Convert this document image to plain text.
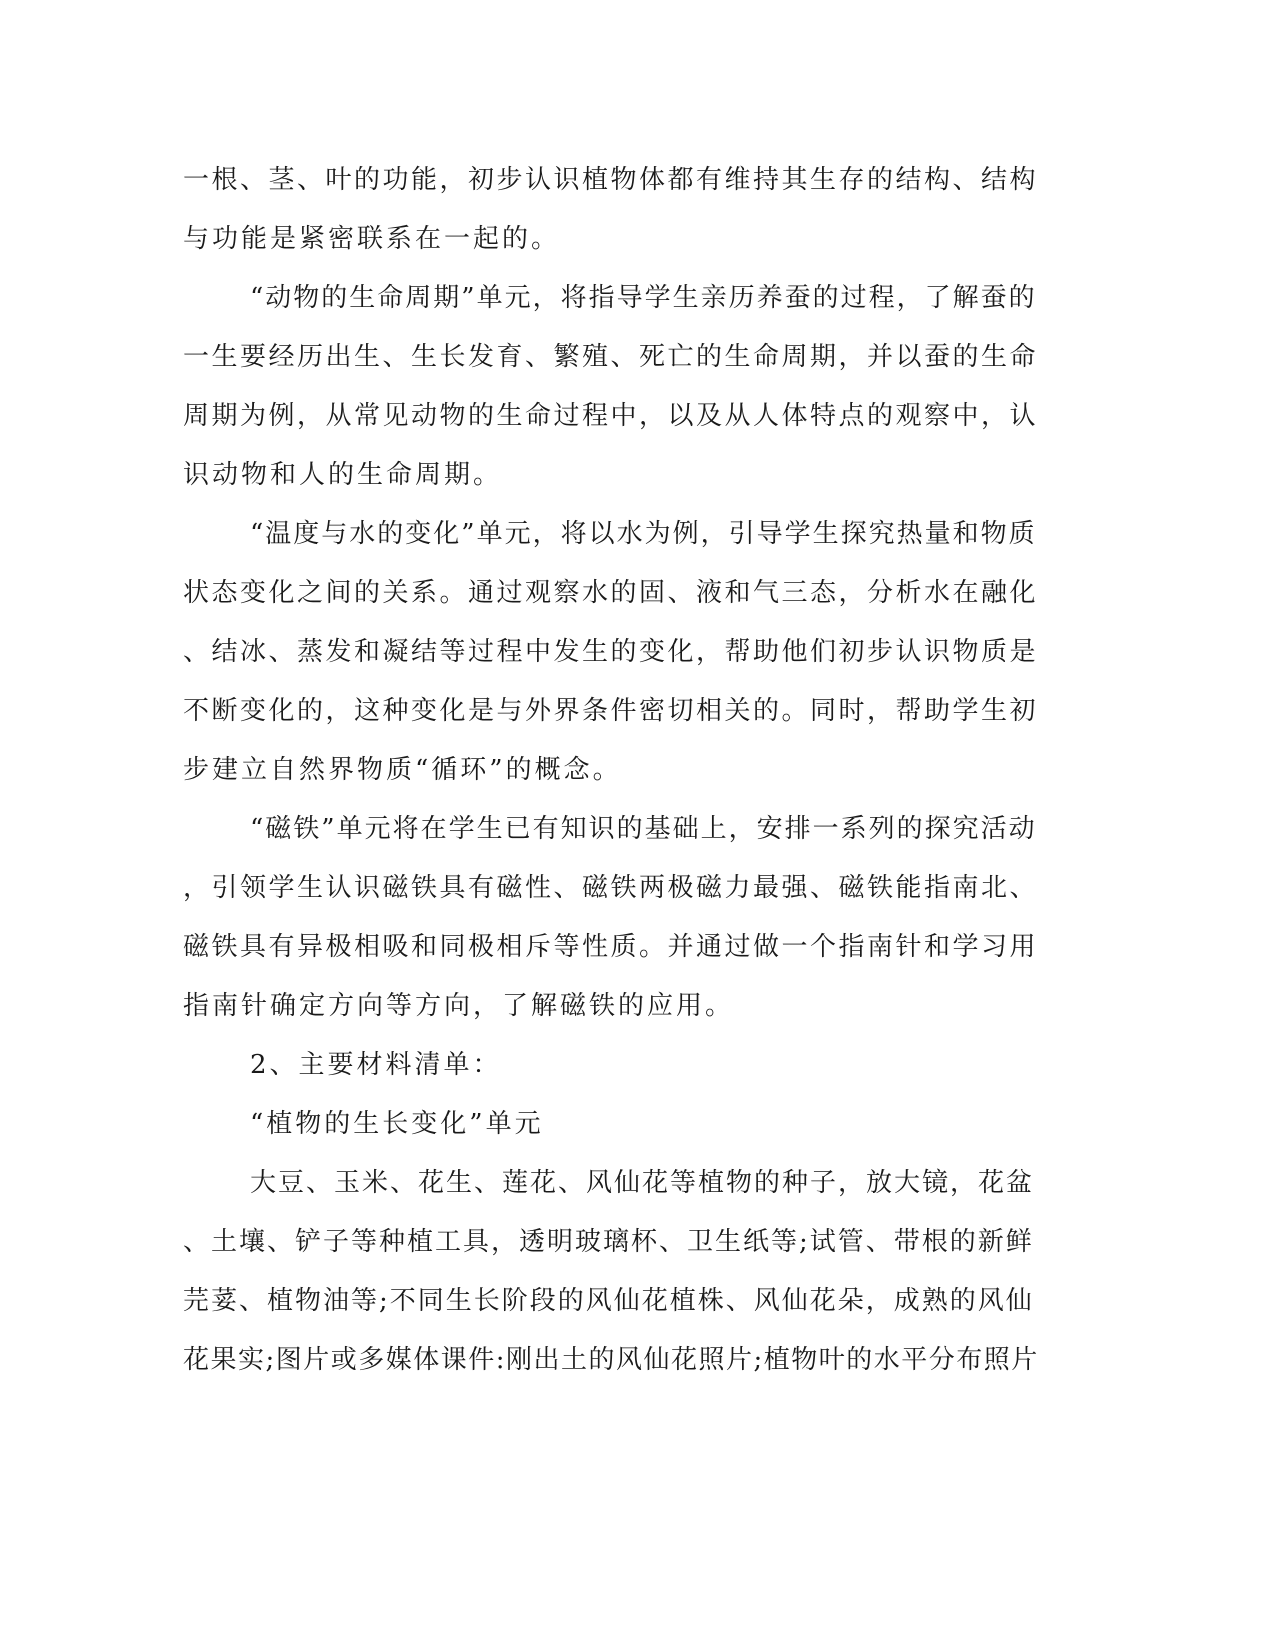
一根、茎、叶的功能，初步认识植物体都有维持其生存的结构、结构
与功能是紧密联系在一起的。
“动物的生命周期”单元，将指导学生亲历养蚕的过程，了解蚕的
一生要经历出生、生长发育、繁殖、死亡的生命周期，并以蚕的生命
周期为例，从常见动物的生命过程中，以及从人体特点的观察中，认
识动物和人的生命周期。
“温度与水的变化”单元，将以水为例，引导学生探究热量和物质
状态变化之间的关系。通过观察水的固、液和气三态，分析水在融化
、结冰、蒸发和凝结等过程中发生的变化，帮助他们初步认识物质是
不断变化的，这种变化是与外界条件密切相关的。同时，帮助学生初
步建立自然界物质“循环”的概念。
“磁铁”单元将在学生已有知识的基础上，安排一系列的探究活动
，引领学生认识磁铁具有磁性、磁铁两极磁力最强、磁铁能指南北、
磁铁具有异极相吸和同极相斥等性质。并通过做一个指南针和学习用
指南针确定方向等方向，了解磁铁的应用。
2、主要材料清单：
“植物的生长变化”单元
大豆、玉米、花生、莲花、风仙花等植物的种子，放大镜，花盆
、土壤、铲子等种植工具，透明玻璃杯、卫生纸等;试管、带根的新鲜
芫荽、植物油等;不同生长阶段的风仙花植株、风仙花朵，成熟的风仙
花果实;图片或多媒体课件:刚出土的风仙花照片;植物叶的水平分布照片
